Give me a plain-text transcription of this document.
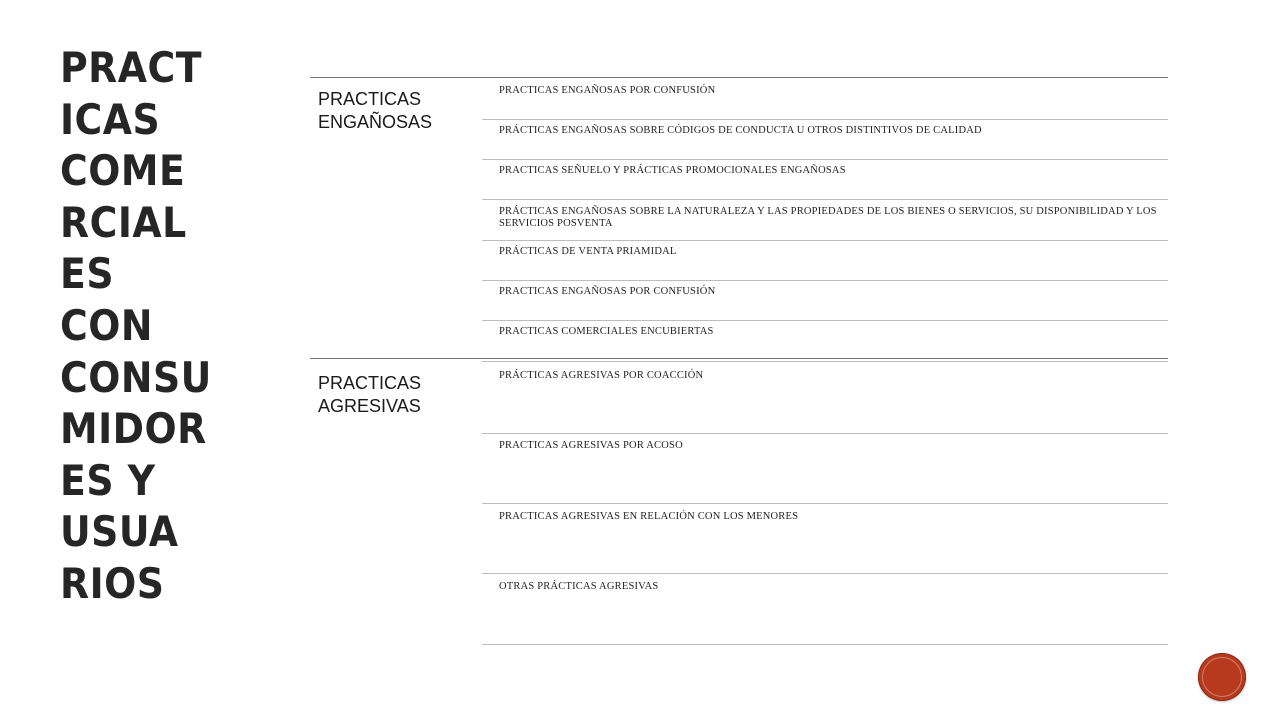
PRACT
ICAS
COME
RCIAL
ES
CON
CONSU
MIDOR
ES Y
USUA
RIOS

PRACTICAS ENGAÑOSAS

PRACTICAS ENGAÑOSAS POR CONFUSIÓN
PRÁCTICAS ENGAÑOSAS SOBRE CÓDIGOS DE CONDUCTA U OTROS DISTINTIVOS DE CALIDAD
PRACTICAS SEÑUELO Y PRÁCTICAS PROMOCIONALES ENGAÑOSAS
PRÁCTICAS ENGAÑOSAS SOBRE LA NATURALEZA Y LAS PROPIEDADES DE LOS BIENES O SERVICIOS, SU DISPONIBILIDAD Y LOS SERVICIOS POSVENTA
PRÁCTICAS DE VENTA PRIAMIDAL
PRACTICAS ENGAÑOSAS POR CONFUSIÓN
PRACTICAS COMERCIALES ENCUBIERTAS

PRACTICAS AGRESIVAS

PRÁCTICAS AGRESIVAS POR COACCIÓN
PRACTICAS AGRESIVAS POR ACOSO
PRACTICAS AGRESIVAS EN RELACIÓN CON LOS MENORES
OTRAS PRÁCTICAS AGRESIVAS
